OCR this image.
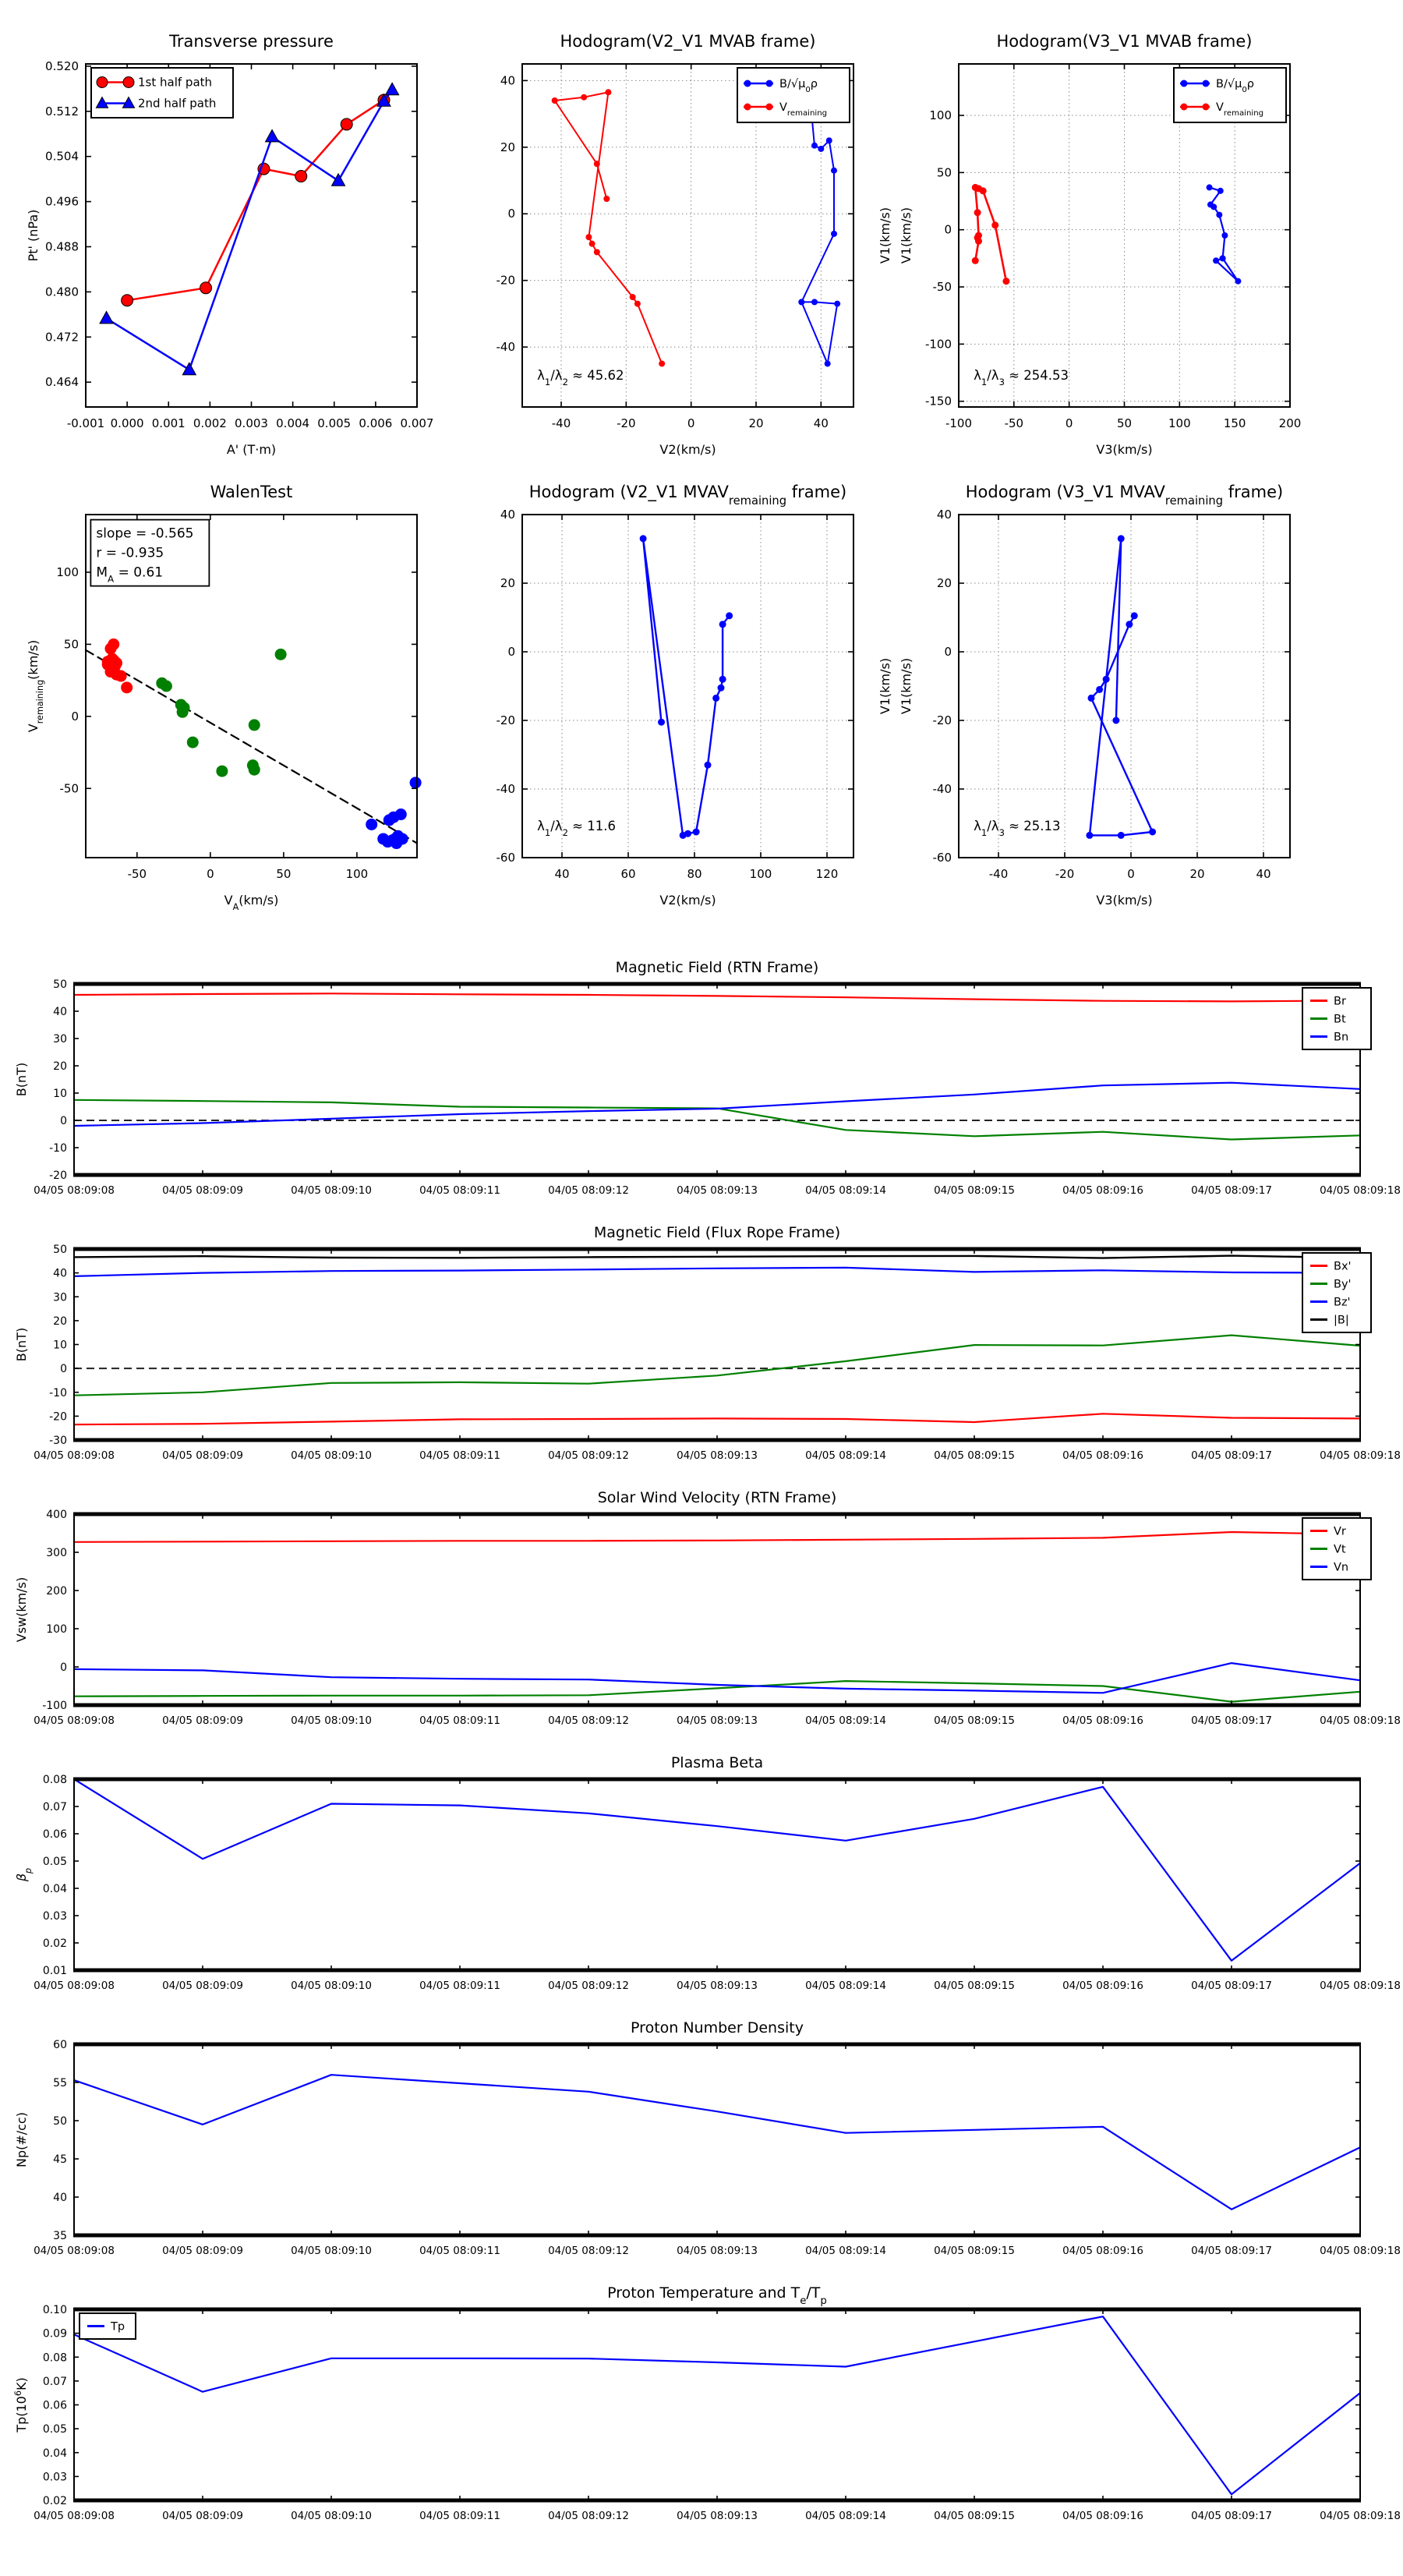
-0.001 0.000 0.001 0.002 0.003 0.004 0.005 0.006 0.007
0.464
0.472
0.480
0.488
0.496
0.504
0.512
0.520
Transverse pressure
A' (T·m)
Pt' (nPa)
1st half path
2nd half path
-40	-20	0	20	40
-40
-20
0
20
40
Hodogram(V2_V1 MVAB frame)
V2(km/s)
V1(km/s)
$B/√\mu_0\rho$
$V_{remaining}$
$\lambda_1/\lambda_2 \approx 45.62$
-100	-50	0	50	100	150	200
-150
-100
-50
0
50
100
Hodogram(V3_V1 MVAB frame)
V3(km/s)
V1(km/s)
$B/√\mu_0\rho$
$V_{remaining}$
$\lambda_1/\lambda_3 \approx 254.53$
-50	0	50	100
-50
0
50
100
WalenTest
$V_A(km/s)$
$V_{remaining}(km/s)$
slope = -0.565
r = -0.935
$M_A = 0.61$
40	60	80	100	120
-60
-40
-20
0
20
40
Hodogram (V2_V1 $MVAV_{remaining}$ frame)
V2(km/s)
V1(km/s)
$\lambda_1/\lambda_2 \approx 11.6$
-40	-20	0	20	40
-60
-40
-20
0
20
40
Hodogram (V3_V1 $MVAV_{remaining}$ frame)
V3(km/s)
V1(km/s)
$\lambda_1/\lambda_3 \approx 25.13$
04/05 08:09:08	04/05 08:09:09	04/05 08:09:10	04/05 08:09:11	04/05 08:09:12	04/05 08:09:13	04/05 08:09:14	04/05 08:09:15	04/05 08:09:16	04/05 08:09:17	04/05 08:09:18
-20
-10
0
10
20
30
40
50
Magnetic Field (RTN Frame)
B(nT)
Br
Bt
Bn
04/05 08:09:08	04/05 08:09:09	04/05 08:09:10	04/05 08:09:11	04/05 08:09:12	04/05 08:09:13	04/05 08:09:14	04/05 08:09:15	04/05 08:09:16	04/05 08:09:17	04/05 08:09:18
-30
-20
-10
0
10
20
30
40
50
Magnetic Field (Flux Rope Frame)
B(nT)
Bx'
By'
Bz'
|B|
04/05 08:09:08	04/05 08:09:09	04/05 08:09:10	04/05 08:09:11	04/05 08:09:12	04/05 08:09:13	04/05 08:09:14	04/05 08:09:15	04/05 08:09:16	04/05 08:09:17	04/05 08:09:18
-100
0
100
200
300
400
Solar Wind Velocity (RTN Frame)
Vsw(km/s)
Vr
Vt
Vn
04/05 08:09:08	04/05 08:09:09	04/05 08:09:10	04/05 08:09:11	04/05 08:09:12	04/05 08:09:13	04/05 08:09:14	04/05 08:09:15	04/05 08:09:16	04/05 08:09:17	04/05 08:09:18
0.01
0.02
0.03
0.04
0.05
0.06
0.07
0.08
Plasma Beta
$\beta_p$
04/05 08:09:08	04/05 08:09:09	04/05 08:09:10	04/05 08:09:11	04/05 08:09:12	04/05 08:09:13	04/05 08:09:14	04/05 08:09:15	04/05 08:09:16	04/05 08:09:17	04/05 08:09:18
35
40
45
50
55
60
Proton Number Density
Np(#/cc)
04/05 08:09:08	04/05 08:09:09	04/05 08:09:10	04/05 08:09:11	04/05 08:09:12	04/05 08:09:13	04/05 08:09:14	04/05 08:09:15	04/05 08:09:16	04/05 08:09:17	04/05 08:09:18
0.02
0.03
0.04
0.05
0.06
0.07
0.08
0.09
0.10
Proton Temperature and $T_e/T_p$
$Tp(10^6K)$
Tp
